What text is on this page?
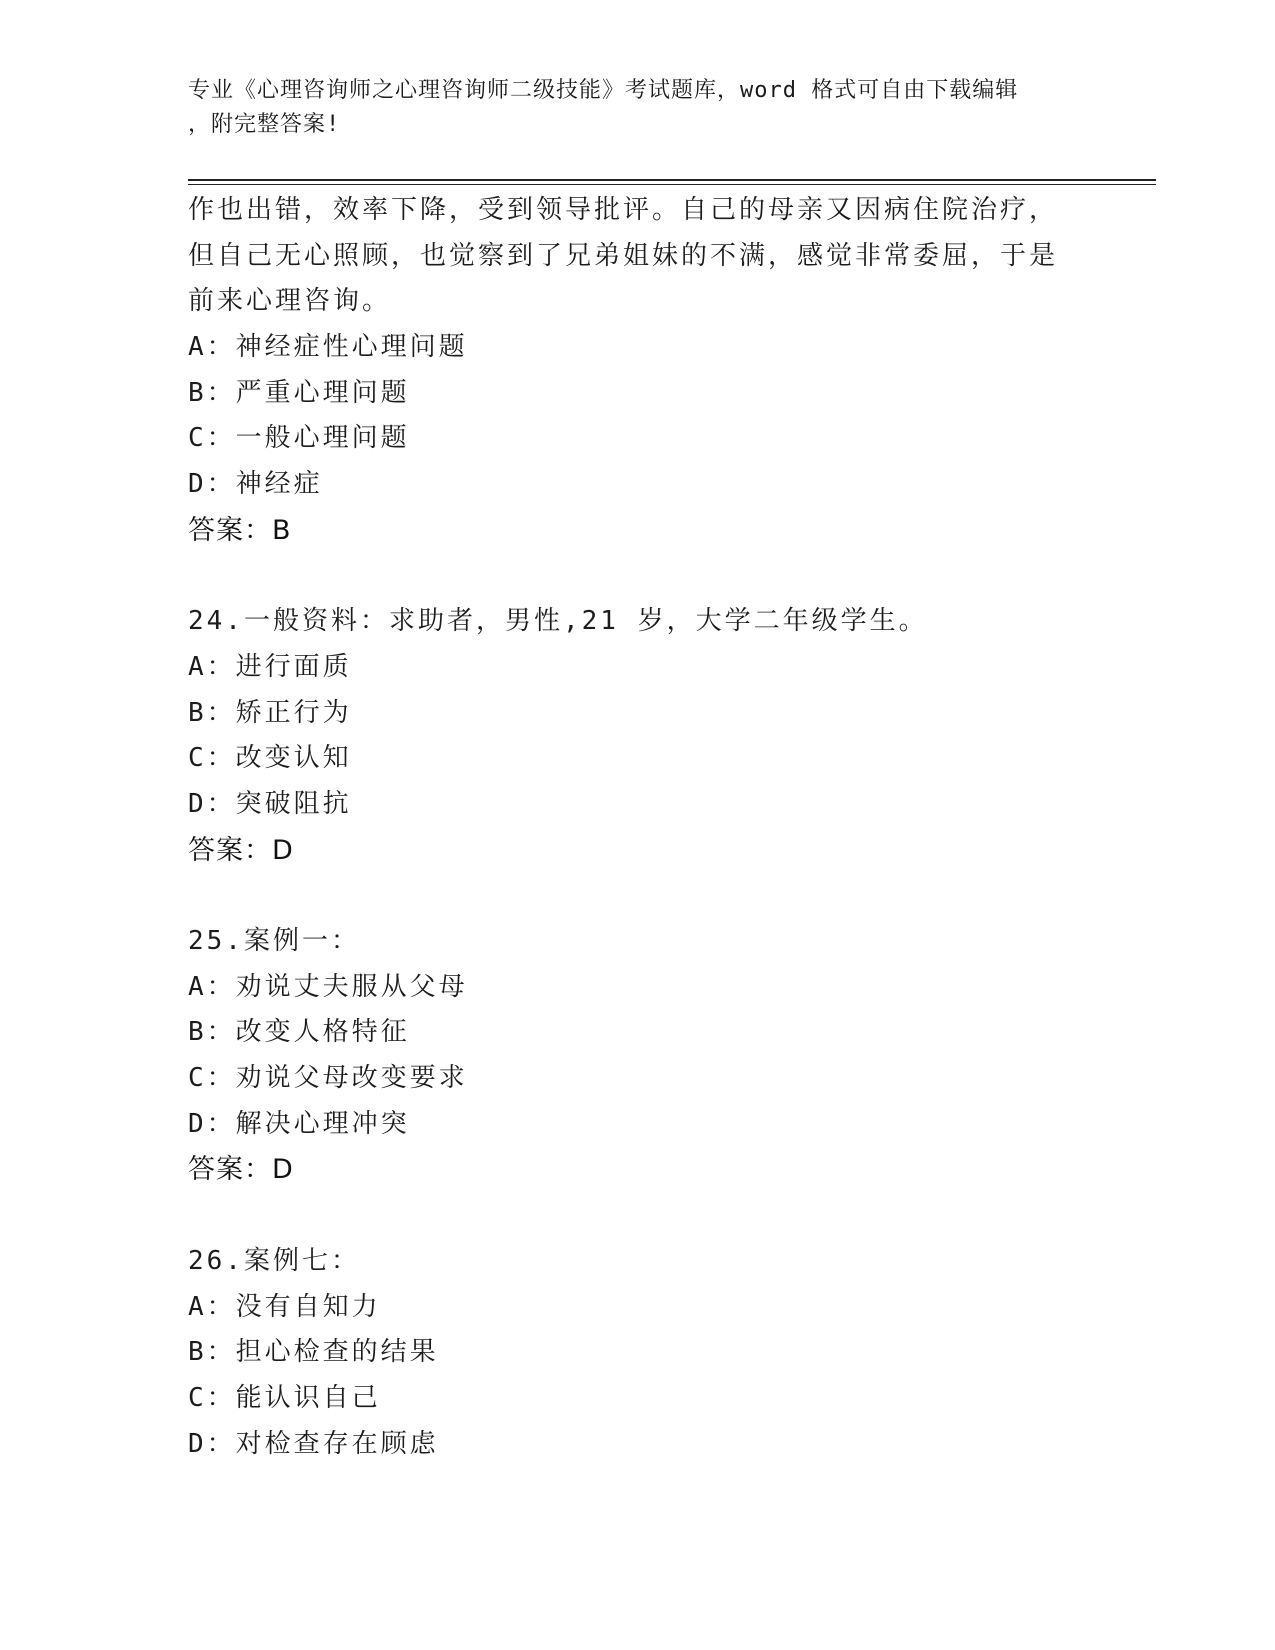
专业《心理咨询师之心理咨询师二级技能》考试题库，word 格式可自由下载编辑
，附完整答案!
作也出错，效率下降，受到领导批评。自己的母亲又因病住院治疗，
但自己无心照顾，也觉察到了兄弟姐妹的不满，感觉非常委屈，于是
前来心理咨询。
A：神经症性心理问题
B：严重心理问题
C：一般心理问题
D：神经症
答案：B
24.一般资料：求助者，男性,21 岁，大学二年级学生。
A：进行面质
B：矫正行为
C：改变认知
D：突破阻抗
答案：D
25.案例一：
A：劝说丈夫服从父母
B：改变人格特征
C：劝说父母改变要求
D：解决心理冲突
答案：D
26.案例七：
A：没有自知力
B：担心检查的结果
C：能认识自己
D：对检查存在顾虑
